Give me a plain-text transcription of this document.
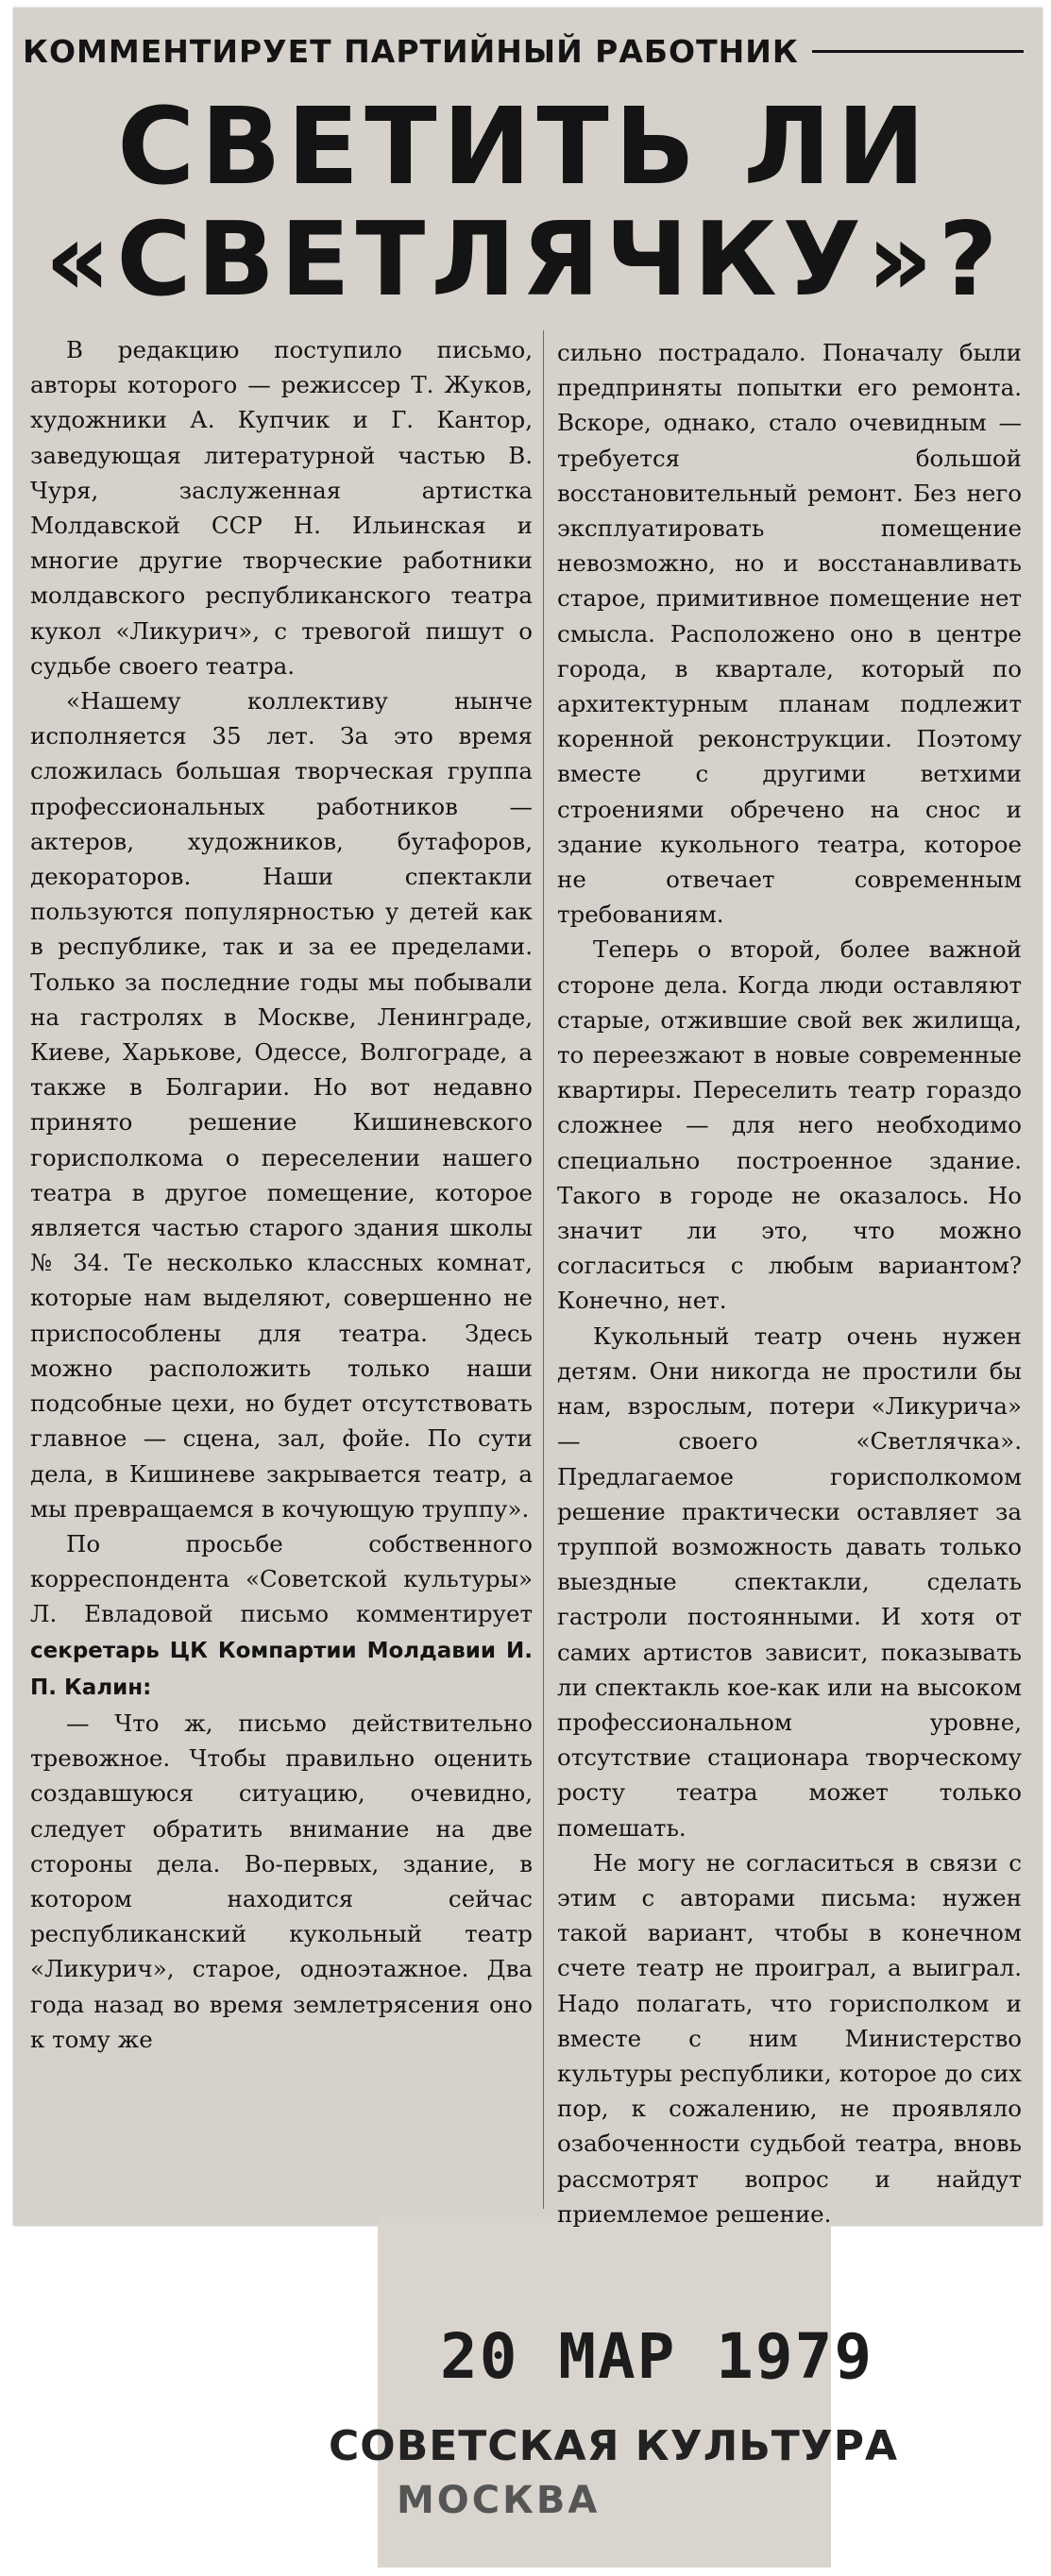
КОММЕНТИРУЕТ ПАРТИЙНЫЙ РАБОТНИК
СВЕТИТЬ ЛИ
«СВЕТЛЯЧКУ»?

В редакцию поступило письмо, авторы которого — режиссер Т. Жуков, художники А. Купчик и Г. Кантор, заведующая литературной частью В. Чуря, заслуженная артистка Молдавской ССР Н. Ильинская и многие другие творческие работники молдавского республиканского театра кукол «Ликурич», с тревогой пишут о судьбе своего театра.

«Нашему коллективу нынче исполняется 35 лет. За это время сложилась большая творческая группа профессиональных работников — актеров, художников, бутафоров, декораторов. Наши спектакли пользуются популярностью у детей как в республике, так и за ее пределами. Только за последние годы мы побывали на гастролях в Москве, Ленинграде, Киеве, Харькове, Одессе, Волгограде, а также в Болгарии. Но вот недавно принято решение Кишиневского горисполкома о переселении нашего театра в другое помещение, которое является частью старого здания школы № 34. Те несколько классных комнат, которые нам выделяют, совершенно не приспособлены для театра. Здесь можно расположить только наши подсобные цехи, но будет отсутствовать главное — сцена, зал, фойе. По сути дела, в Кишиневе закрывается театр, а мы превращаемся в кочующую труппу».

По просьбе собственного корреспондента «Советской культуры» Л. Евладовой письмо комментирует секретарь ЦК Компартии Молдавии И. П. Калин:

— Что ж, письмо действительно тревожное. Чтобы правильно оценить создавшуюся ситуацию, очевидно, следует обратить внимание на две стороны дела. Во-первых, здание, в котором находится сейчас республиканский кукольный театр «Ликурич», старое, одноэтажное. Два года назад во время землетрясения оно к тому же

сильно пострадало. Поначалу были предприняты попытки его ремонта. Вскоре, однако, стало очевидным — требуется большой восстановительный ремонт. Без него эксплуатировать помещение невозможно, но и восстанавливать старое, примитивное помещение нет смысла. Расположено оно в центре города, в квартале, который по архитектурным планам подлежит коренной реконструкции. Поэтому вместе с другими ветхими строениями обречено на снос и здание кукольного театра, которое не отвечает современным требованиям.

Теперь о второй, более важной стороне дела. Когда люди оставляют старые, отжившие свой век жилища, то переезжают в новые современные квартиры. Переселить театр гораздо сложнее — для него необходимо специально построенное здание. Такого в городе не оказалось. Но значит ли это, что можно согласиться с любым вариантом? Конечно, нет.

Кукольный театр очень нужен детям. Они никогда не простили бы нам, взрослым, потери «Ликурича» — своего «Светлячка». Предлагаемое горисполкомом решение практически оставляет за труппой возможность давать только выездные спектакли, сделать гастроли постоянными. И хотя от самих артистов зависит, показывать ли спектакль кое-как или на высоком профессиональном уровне, отсутствие стационара творческому росту театра может только помешать.

Не могу не согласиться в связи с этим с авторами письма: нужен такой вариант, чтобы в конечном счете театр не проиграл, а выиграл. Надо полагать, что горисполком и вместе с ним Министерство культуры республики, которое до сих пор, к сожалению, не проявляло озабоченности судьбой театра, вновь рассмотрят вопрос и найдут приемлемое решение.

20 МАР 1979
СОВЕТСКАЯ КУЛЬТУРА
МОСКВА
